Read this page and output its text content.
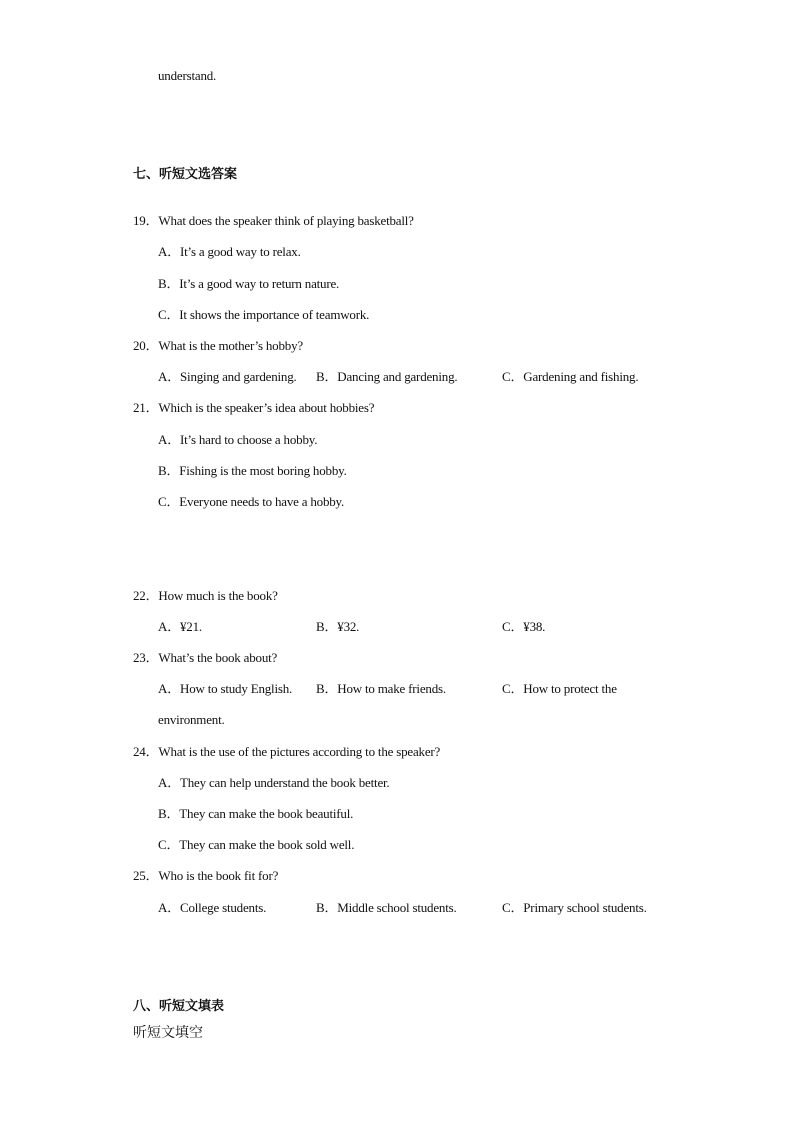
understand.
七、听短文选答案
19．What does the speaker think of playing basketball?
A．It’s a good way to relax.
B．It’s a good way to return nature.
C．It shows the importance of teamwork.
20．What is the mother’s hobby?
A．Singing and gardening. B．Dancing and gardening.	C．Gardening and fishing.
21．Which is the speaker’s idea about hobbies?
A．It’s hard to choose a hobby.
B．Fishing is the most boring hobby.
C．Everyone needs to have a hobby.
22．How much is the book?
A．¥21.	B．¥32.	C．¥38.
23．What’s the book about?
A．How to study English. B．How to make friends.	C．How to protect the
environment.
24．What is the use of the pictures according to the speaker?
A．They can help understand the book better.
B．They can make the book beautiful.
C．They can make the book sold well.
25．Who is the book fit for?
A．College students.	B．Middle school students.	C．Primary school students.
八、听短文填表
听短文填空
